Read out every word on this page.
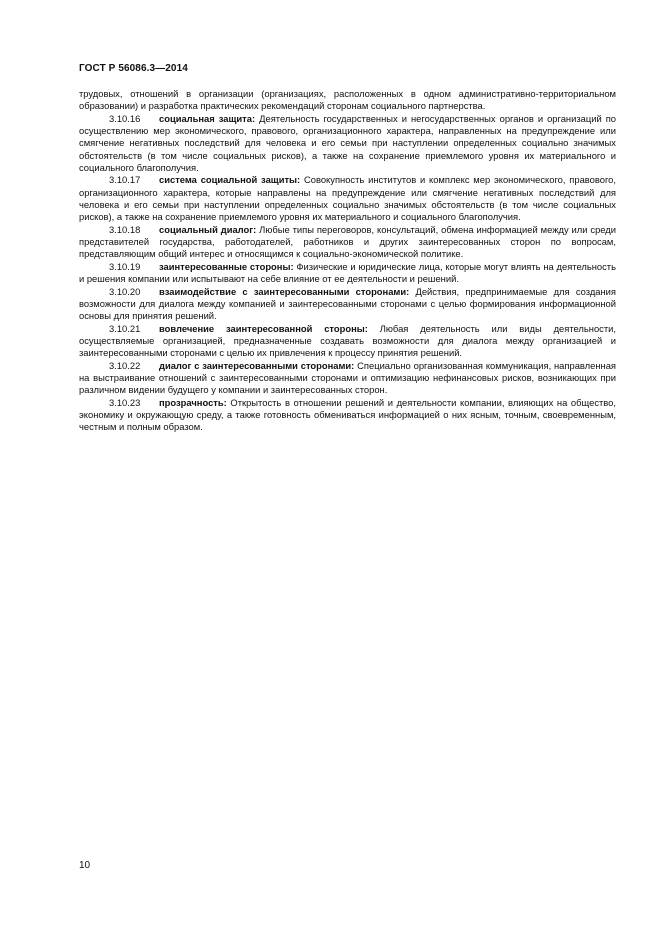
ГОСТ Р 56086.3—2014

трудовых, отношений в организации (организациях, расположенных в одном административно-территориальном образовании) и разработка практических рекомендаций сторонам социального партнерства.

3.10.16 социальная защита: Деятельность государственных и негосударственных органов и организаций по осуществлению мер экономического, правового, организационного характера, направленных на предупреждение или смягчение негативных последствий для человека и его семьи при наступлении определенных социально значимых обстоятельств (в том числе социальных рисков), а также на сохранение приемлемого уровня их материального и социального благополучия.

3.10.17 система социальной защиты: Совокупность институтов и комплекс мер экономического, правового, организационного характера, которые направлены на предупреждение или смягчение негативных последствий для человека и его семьи при наступлении определенных социально значимых обстоятельств (в том числе социальных рисков), а также на сохранение приемлемого уровня их материального и социального благополучия.

3.10.18 социальный диалог: Любые типы переговоров, консультаций, обмена информацией между или среди представителей государства, работодателей, работников и других заинтересованных сторон по вопросам, представляющим общий интерес и относящимся к социально-экономической политике.

3.10.19 заинтересованные стороны: Физические и юридические лица, которые могут влиять на деятельность и решения компании или испытывают на себе влияние от ее деятельности и решений.

3.10.20 взаимодействие с заинтересованными сторонами: Действия, предпринимаемые для создания возможности для диалога между компанией и заинтересованными сторонами с целью формирования информационной основы для принятия решений.

3.10.21 вовлечение заинтересованной стороны: Любая деятельность или виды деятельности, осуществляемые организацией, предназначенные создавать возможности для диалога между организацией и заинтересованными сторонами с целью их привлечения к процессу принятия решений.

3.10.22 диалог с заинтересованными сторонами: Специально организованная коммуникация, направленная на выстраивание отношений с заинтересованными сторонами и оптимизацию нефинансовых рисков, возникающих при различном видении будущего у компании и заинтересованных сторон.

3.10.23 прозрачность: Открытость в отношении решений и деятельности компании, влияющих на общество, экономику и окружающую среду, а также готовность обмениваться информацией о них ясным, точным, своевременным, честным и полным образом.

10
